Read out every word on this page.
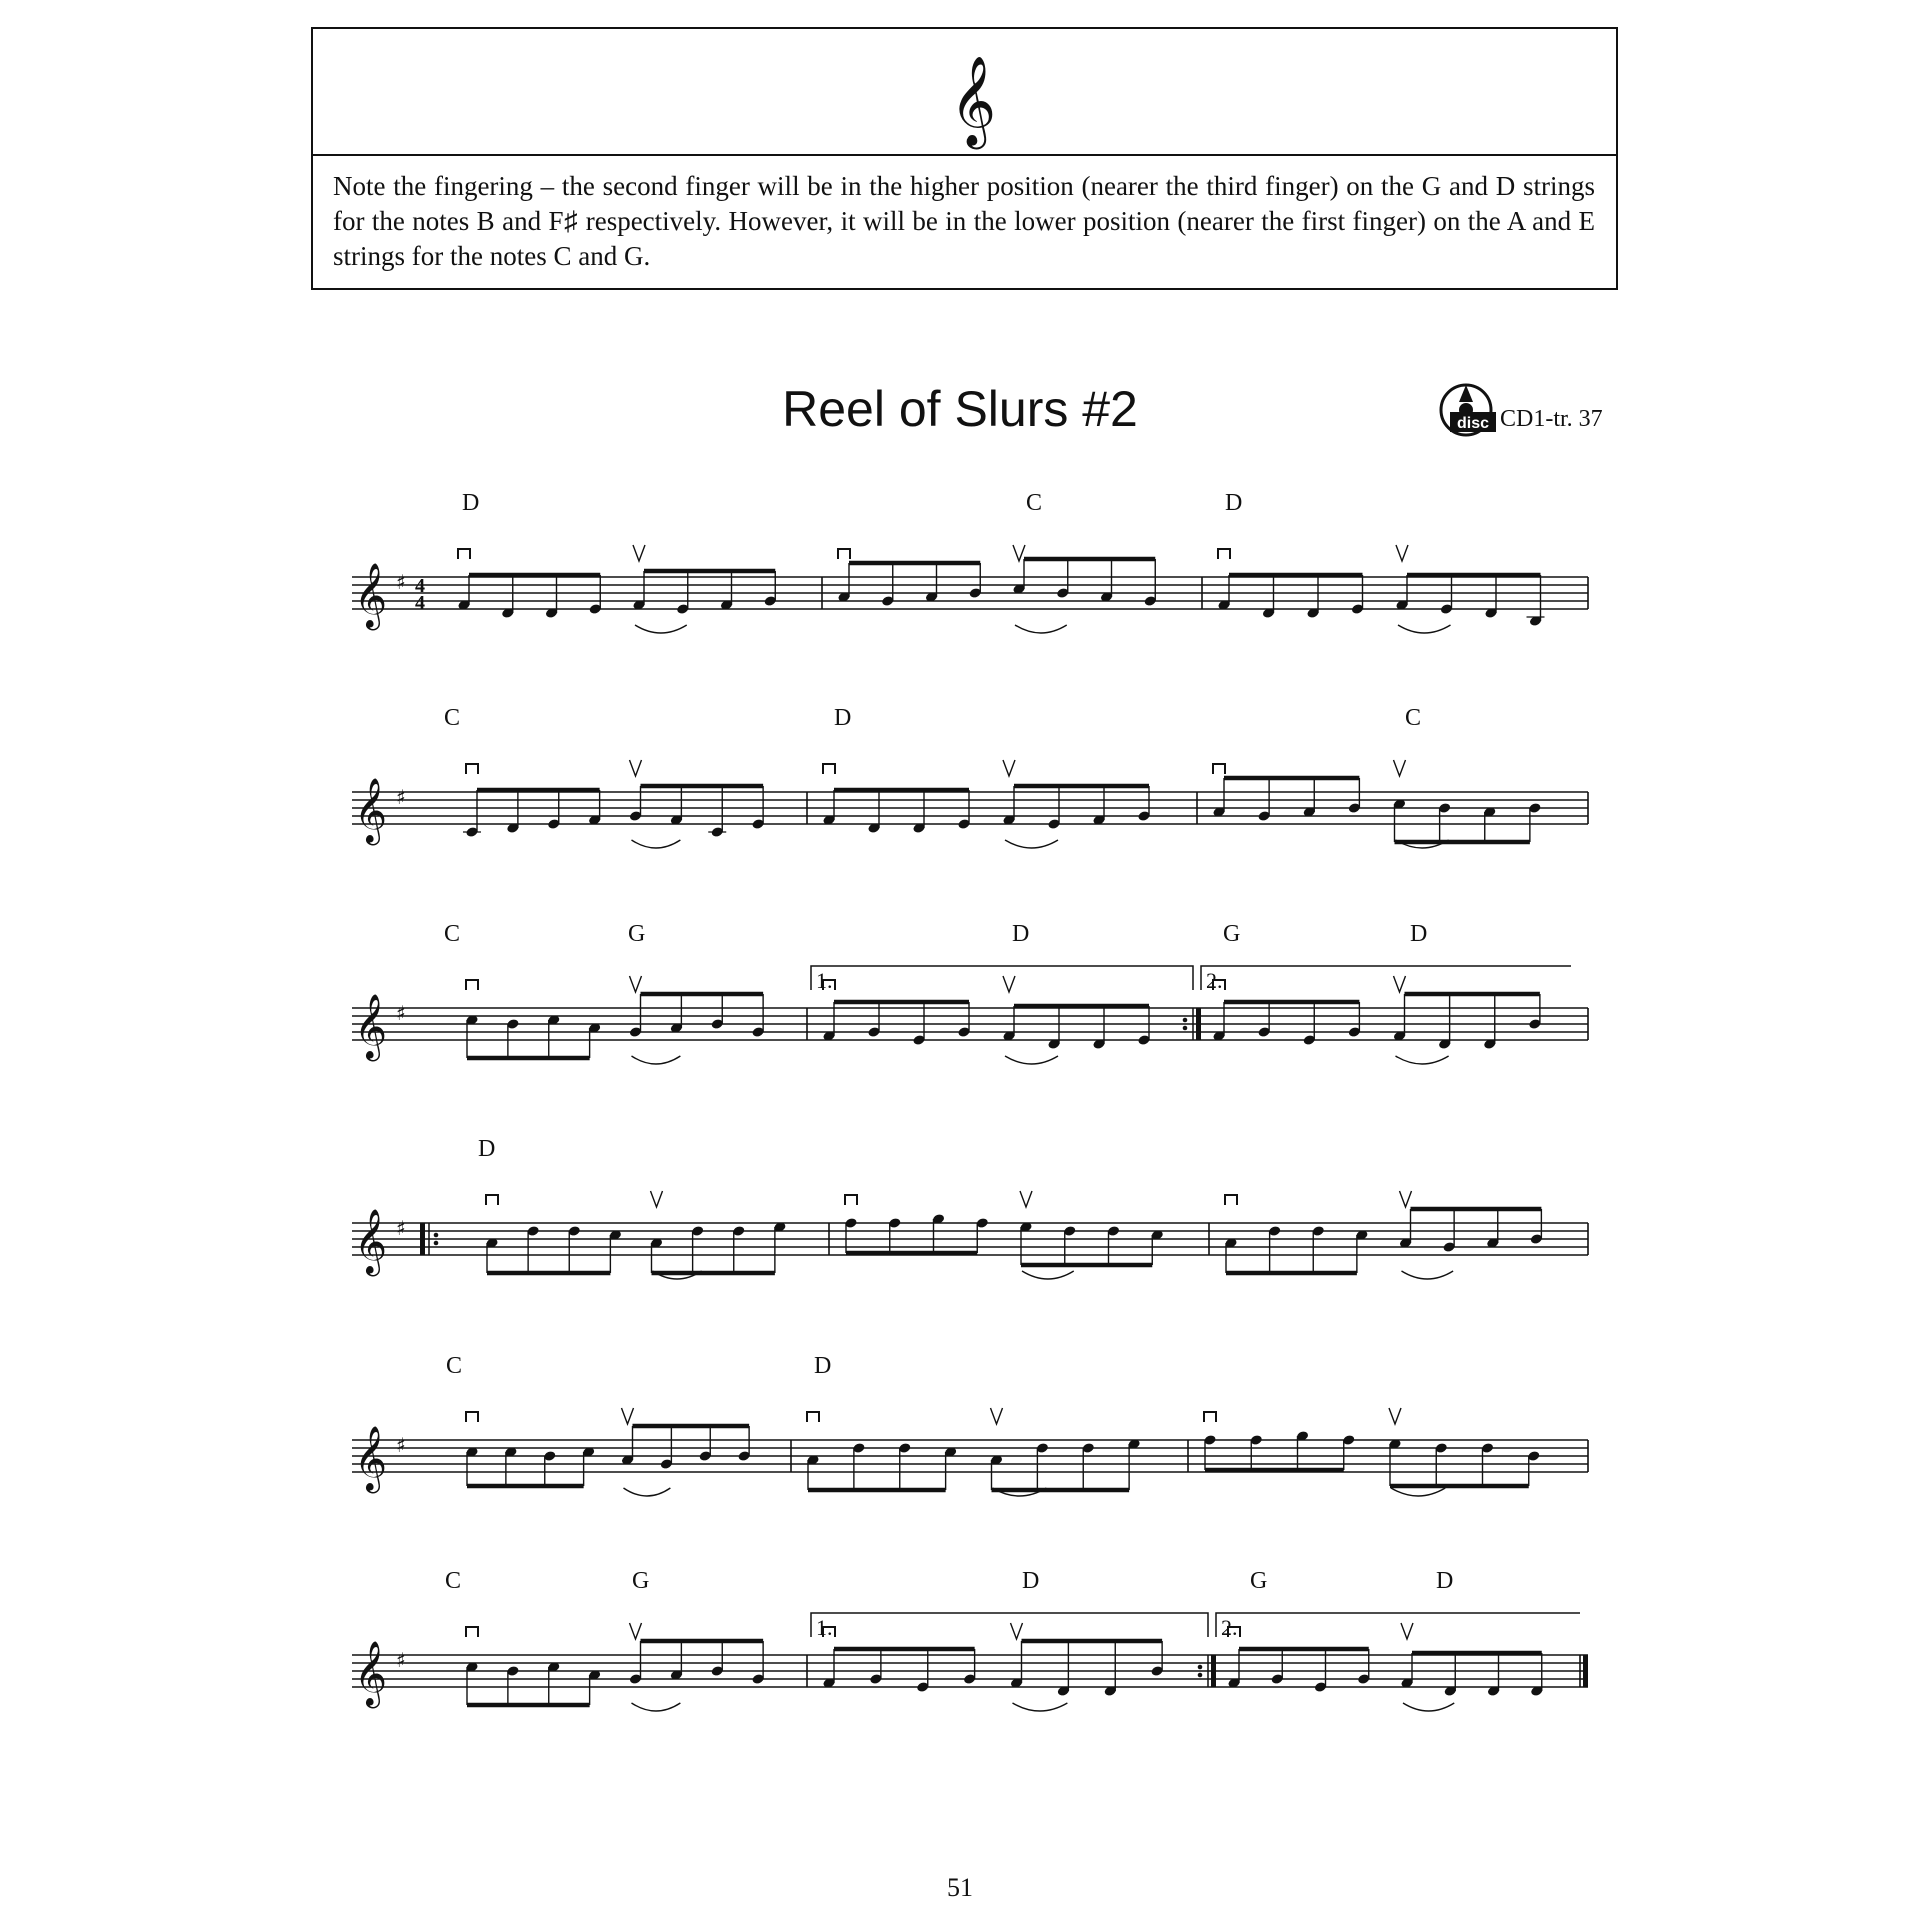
𝄞
Note the fingering – the second finger will be in the higher position (nearer the third finger) on the G and D strings for the notes B and F♯ respectively. However, it will be in the lower position (nearer the first finger) on the A and E strings for the notes C and G.
Reel of Slurs #2	disc CD1-tr. 37
𝄞 ♯ 4
4
D	C	D
𝄞 ♯
C	D	C
𝄞 ♯
1.	2.
C	G	D	G	D
𝄞 ♯
D
𝄞 ♯
C	D
𝄞 ♯
1.	2.
C	G	D	G	D
51
